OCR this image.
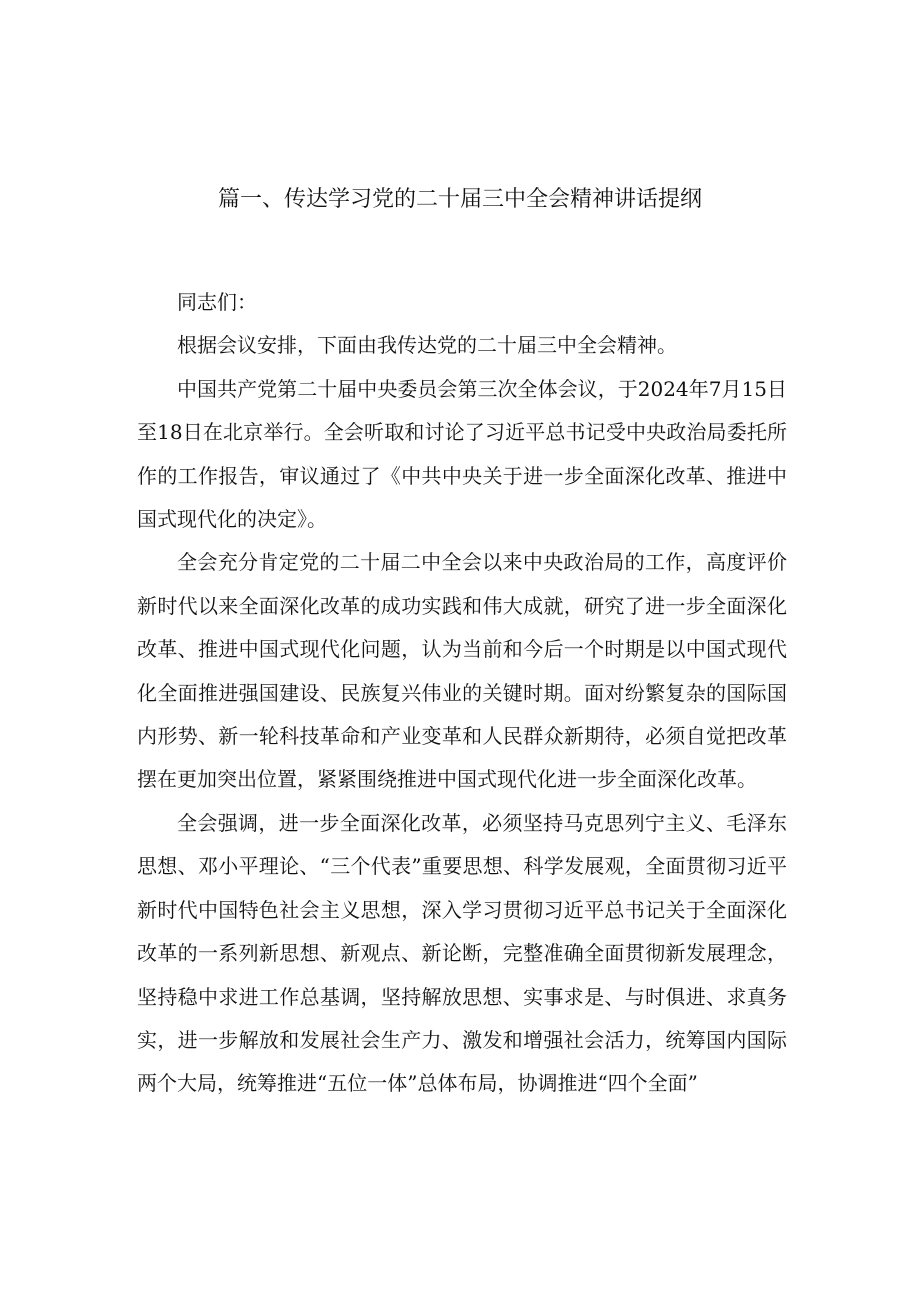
篇一、传达学习党的二十届三中全会精神讲话提纲

同志们：

根据会议安排，下面由我传达党的二十届三中全会精神。

中国共产党第二十届中央委员会第三次全体会议，于2024年7月15日至18日在北京举行。全会听取和讨论了习近平总书记受中央政治局委托所作的工作报告，审议通过了《中共中央关于进一步全面深化改革、推进中国式现代化的决定》。

全会充分肯定党的二十届二中全会以来中央政治局的工作，高度评价新时代以来全面深化改革的成功实践和伟大成就，研究了进一步全面深化改革、推进中国式现代化问题，认为当前和今后一个时期是以中国式现代化全面推进强国建设、民族复兴伟业的关键时期。面对纷繁复杂的国际国内形势、新一轮科技革命和产业变革和人民群众新期待，必须自觉把改革摆在更加突出位置，紧紧围绕推进中国式现代化进一步全面深化改革。

全会强调，进一步全面深化改革，必须坚持马克思列宁主义、毛泽东思想、邓小平理论、“三个代表”重要思想、科学发展观，全面贯彻习近平新时代中国特色社会主义思想，深入学习贯彻习近平总书记关于全面深化改革的一系列新思想、新观点、新论断，完整准确全面贯彻新发展理念，坚持稳中求进工作总基调，坚持解放思想、实事求是、与时俱进、求真务实，进一步解放和发展社会生产力、激发和增强社会活力，统筹国内国际两个大局，统筹推进“五位一体”总体布局，协调推进“四个全面”
